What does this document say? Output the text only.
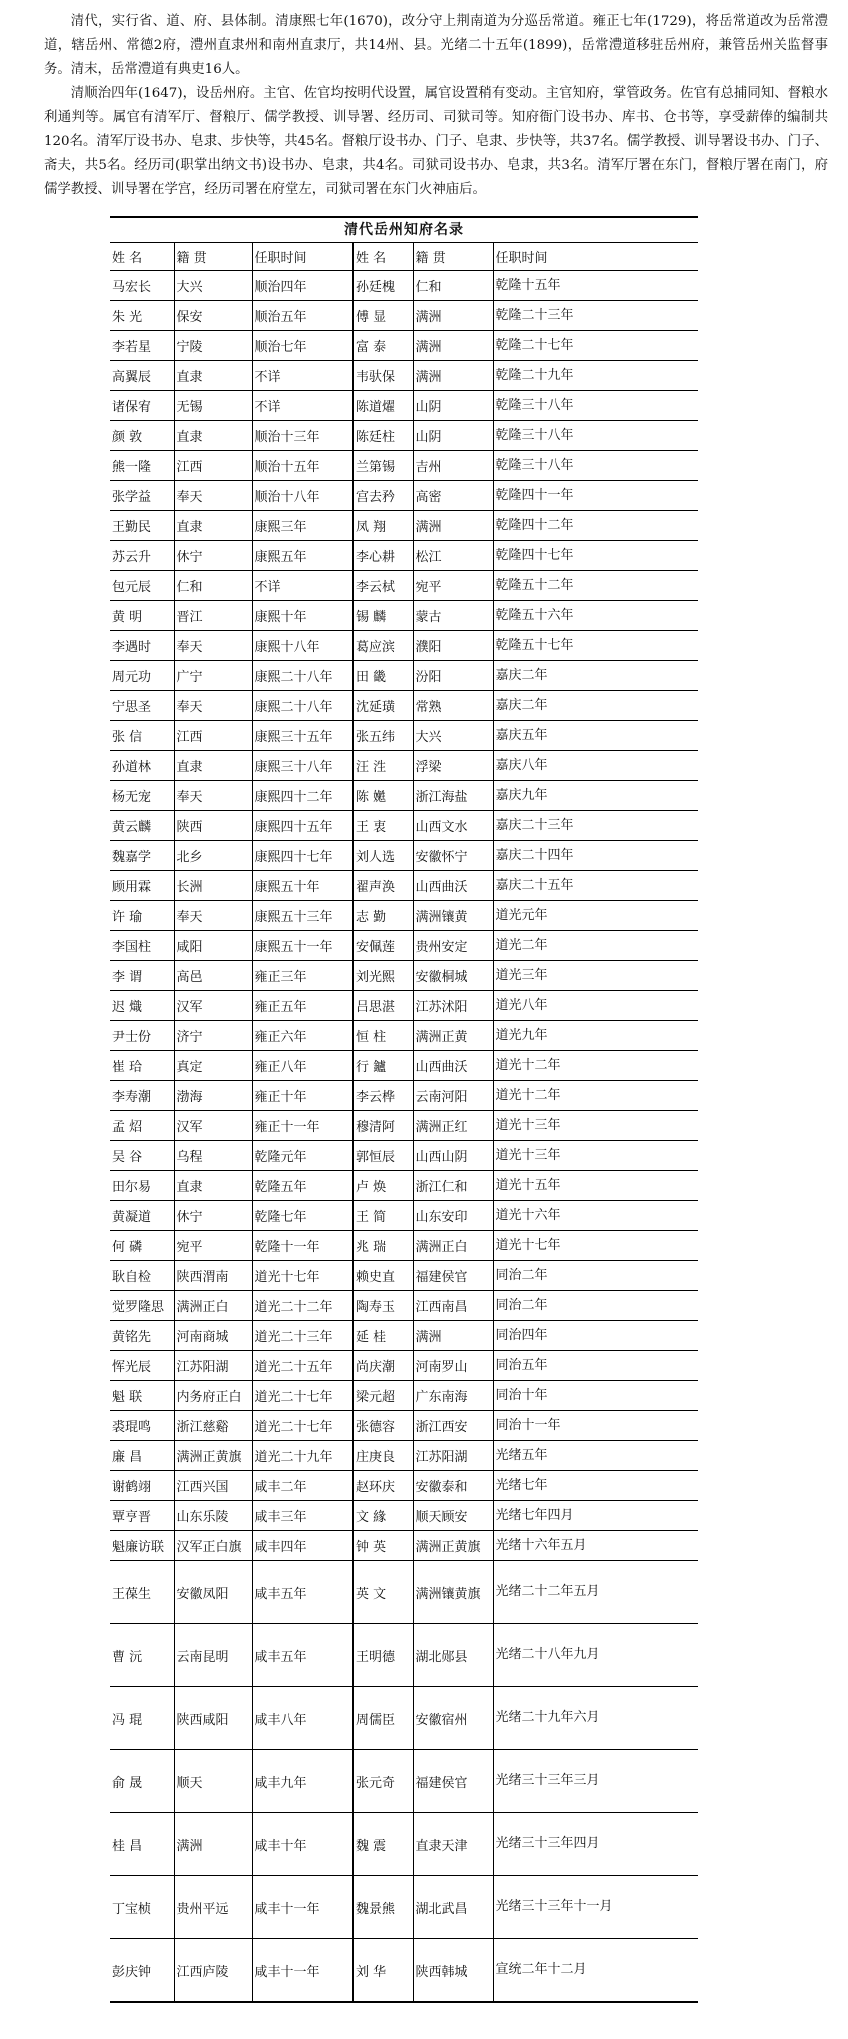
清代，实行省、道、府、县体制。清康熙七年(1670)，改分守上荆南道为分巡岳常道。雍正七年(1729)，将岳常道改为岳常澧道，辖岳州、常德2府，澧州直隶州和南州直隶厅，共14州、县。光绪二十五年(1899)，岳常澧道移驻岳州府，兼管岳州关监督事务。清末，岳常澧道有典吏16人。

清顺治四年(1647)，设岳州府。主官、佐官均按明代设置，属官设置稍有变动。主官知府，掌管政务。佐官有总捕同知、督粮水利通判等。属官有清军厅、督粮厅、儒学教授、训导署、经历司、司狱司等。知府衙门设书办、库书、仓书等，享受薪俸的编制共120名。清军厅设书办、皂隶、步快等，共45名。督粮厅设书办、门子、皂隶、步快等，共37名。儒学教授、训导署设书办、门子、斋夫，共5名。经历司(职掌出纳文书)设书办、皂隶，共4名。司狱司设书办、皂隶，共3名。清军厅署在东门，督粮厅署在南门，府儒学教授、训导署在学宫，经历司署在府堂左，司狱司署在东门火神庙后。

清代岳州知府名录
姓 名	籍 贯	任职时间	姓 名	籍 贯	任职时间
马宏长	大兴	顺治四年	孙廷槐	仁和	乾隆十五年
朱 光	保安	顺治五年	傅 显	满洲	乾隆二十三年
李若星	宁陵	顺治七年	富 泰	满洲	乾隆二十七年
高翼辰	直隶	不详	韦驮保	满洲	乾隆二十九年
诸保宥	无锡	不详	陈道燿	山阴	乾隆三十八年
颜 敦	直隶	顺治十三年	陈廷柱	山阴	乾隆三十八年
熊一隆	江西	顺治十五年	兰第锡	吉州	乾隆三十八年
张学益	奉天	顺治十八年	宫去矜	高密	乾隆四十一年
王勤民	直隶	康熙三年	凤 翔	满洲	乾隆四十二年
苏云升	休宁	康熙五年	李心耕	松江	乾隆四十七年
包元辰	仁和	不详	李云栻	宛平	乾隆五十二年
黄 明	晋江	康熙十年	锡 麟	蒙古	乾隆五十六年
李遇时	奉天	康熙十八年	葛应滨	濮阳	乾隆五十七年
周元功	广宁	康熙二十八年	田 畿	汾阳	嘉庆二年
宁思圣	奉天	康熙二十八年	沈延璜	常熟	嘉庆二年
张 信	江西	康熙三十五年	张五纬	大兴	嘉庆五年
孙道林	直隶	康熙三十八年	汪 泩	浮梁	嘉庆八年
杨无宠	奉天	康熙四十二年	陈 嬔	浙江海盐	嘉庆九年
黄云麟	陕西	康熙四十五年	王 衷	山西文水	嘉庆二十三年
魏嘉学	北乡	康熙四十七年	刘人选	安徽怀宁	嘉庆二十四年
顾用霖	长洲	康熙五十年	翟声涣	山西曲沃	嘉庆二十五年
许 瑜	奉天	康熙五十三年	志 勤	满洲镶黄	道光元年
李国柱	咸阳	康熙五十一年	安佩莲	贵州安定	道光二年
李 谓	高邑	雍正三年	刘光熙	安徽桐城	道光三年
迟 熾	汉军	雍正五年	吕思湛	江苏沭阳	道光八年
尹士份	济宁	雍正六年	恒 柱	满洲正黄	道光九年
崔 珨	真定	雍正八年	行 鑪	山西曲沃	道光十二年
李寿潮	渤海	雍正十年	李云桦	云南河阳	道光十二年
孟 炤	汉军	雍正十一年	穆清阿	满洲正红	道光十三年
吴 谷	乌程	乾隆元年	郭恒辰	山西山阴	道光十三年
田尔易	直隶	乾隆五年	卢 焕	浙江仁和	道光十五年
黄凝道	休宁	乾隆七年	王 简	山东安印	道光十六年
何 磷	宛平	乾隆十一年	兆 瑞	满洲正白	道光十七年
耿自检	陕西渭南	道光十七年	赖史直	福建侯官	同治二年
觉罗隆思	满洲正白	道光二十二年	陶寿玉	江西南昌	同治二年
黄铭先	河南商城	道光二十三年	延 桂	满洲	同治四年
恽光辰	江苏阳湖	道光二十五年	尚庆潮	河南罗山	同治五年
魁 联	内务府正白	道光二十七年	梁元超	广东南海	同治十年
裘琨鸣	浙江慈谿	道光二十七年	张德容	浙江西安	同治十一年
廉 昌	满洲正黄旗	道光二十九年	庄庚良	江苏阳湖	光绪五年
谢鹤翊	江西兴国	咸丰二年	赵环庆	安徽泰和	光绪七年
覃亨晋	山东乐陵	咸丰三年	文 緣	顺天顾安	光绪七年四月
魁廉访联	汉军正白旗	咸丰四年	钟 英	满洲正黄旗	光绪十六年五月
王葆生	安徽凤阳	咸丰五年	英 文	满洲镶黄旗	光绪二十二年五月
曹 沅	云南昆明	咸丰五年	王明德	湖北郧县	光绪二十八年九月
冯 琨	陕西咸阳	咸丰八年	周儒臣	安徽宿州	光绪二十九年六月
俞 晟	顺天	咸丰九年	张元奇	福建侯官	光绪三十三年三月
桂 昌	满洲	咸丰十年	魏 震	直隶天津	光绪三十三年四月
丁宝桢	贵州平远	咸丰十一年	魏景熊	湖北武昌	光绪三十三年十一月
彭庆钟	江西庐陵	咸丰十一年	刘 华	陕西韩城	宣统二年十二月
